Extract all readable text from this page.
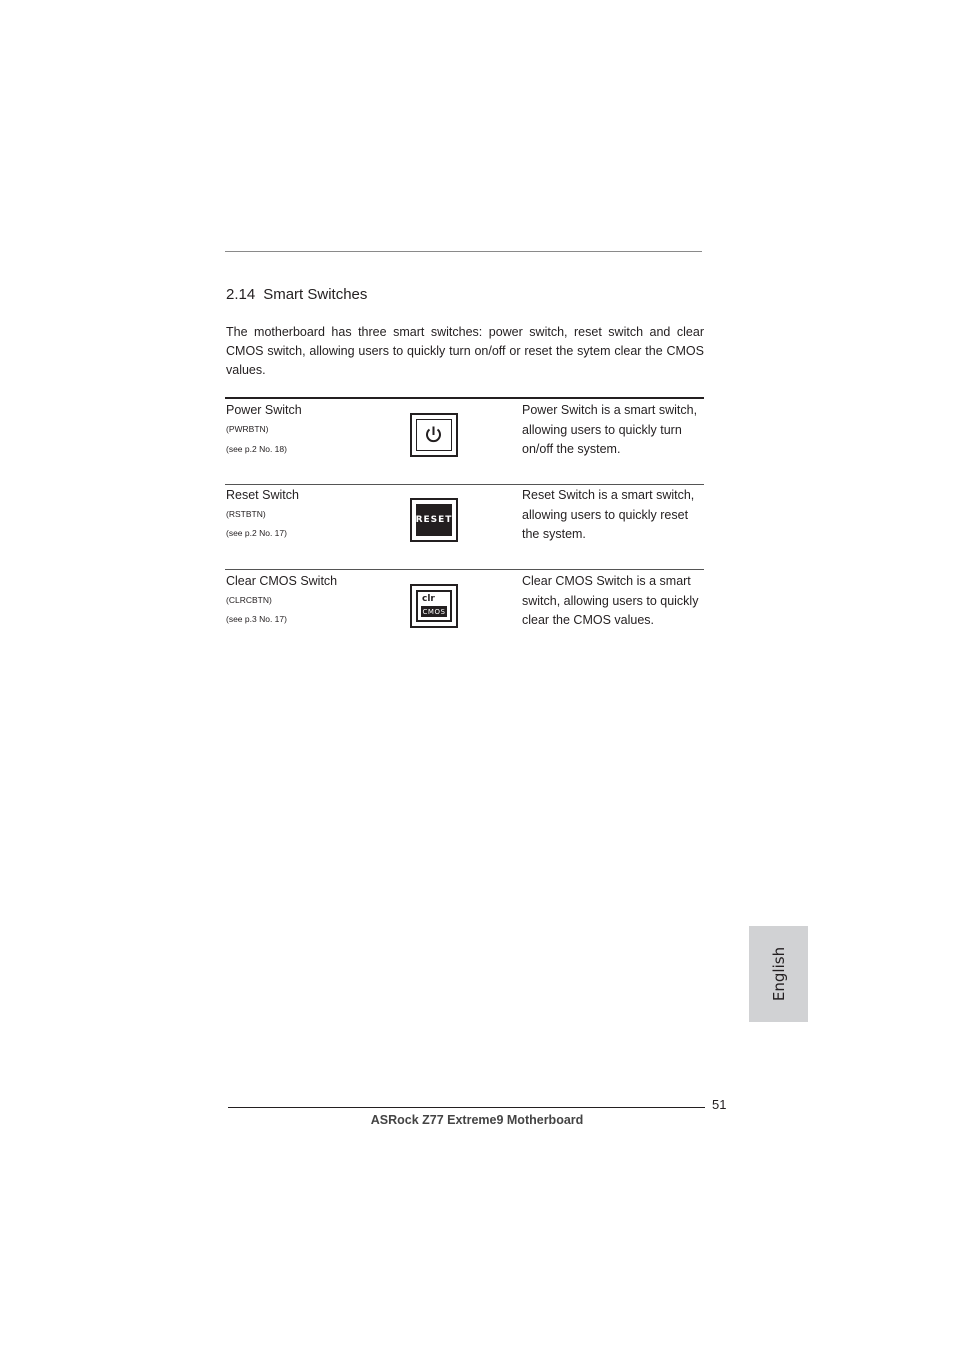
2.14 Smart Switches

The motherboard has three smart switches: power switch, reset switch and clear CMOS switch, allowing users to quickly turn on/off or reset the sytem clear the CMOS values.

Power Switch
(PWRBTN)
(see p.2 No. 18)

Power Switch is a smart switch, allowing users to quickly turn on/off the system.

Reset Switch
(RSTBTN)
(see p.2 No. 17)
RESET

Reset Switch is a smart switch, allowing users to quickly reset the system.

Clear CMOS Switch
(CLRCBTN)
(see p.3 No. 17)
clr
CMOS

Clear CMOS Switch is a smart switch, allowing users to quickly clear the CMOS values.

English
51
ASRock Z77 Extreme9 Motherboard
